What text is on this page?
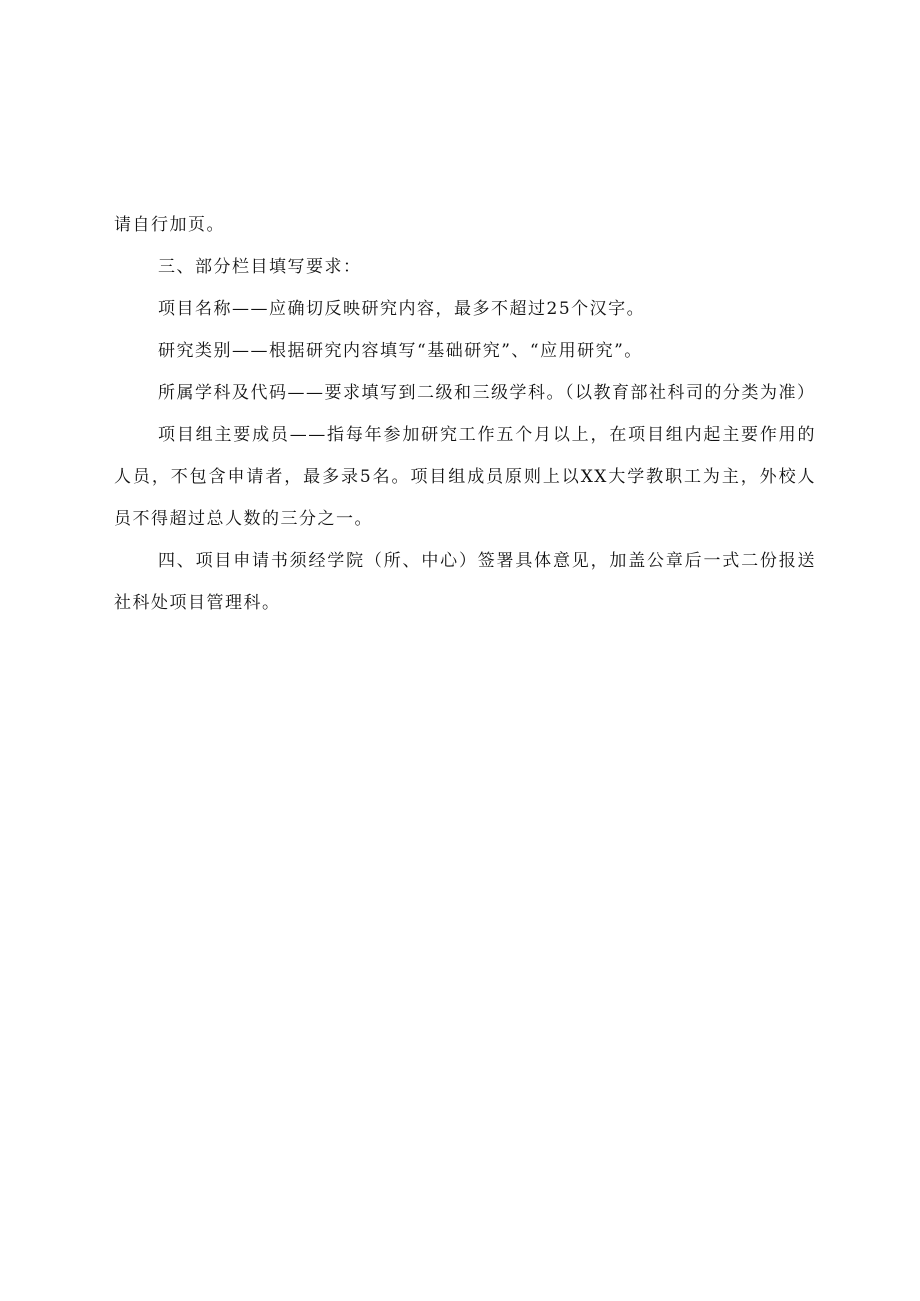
请自行加页。

三、部分栏目填写要求：

项目名称——应确切反映研究内容，最多不超过25个汉字。

研究类别——根据研究内容填写“基础研究”、“应用研究”。

所属学科及代码——要求填写到二级和三级学科。（以教育部社科司的分类为准）

项目组主要成员——指每年参加研究工作五个月以上，在项目组内起主要作用的人员，不包含申请者，最多录5名。项目组成员原则上以XX大学教职工为主，外校人员不得超过总人数的三分之一。

四、项目申请书须经学院（所、中心）签署具体意见，加盖公章后一式二份报送社科处项目管理科。
